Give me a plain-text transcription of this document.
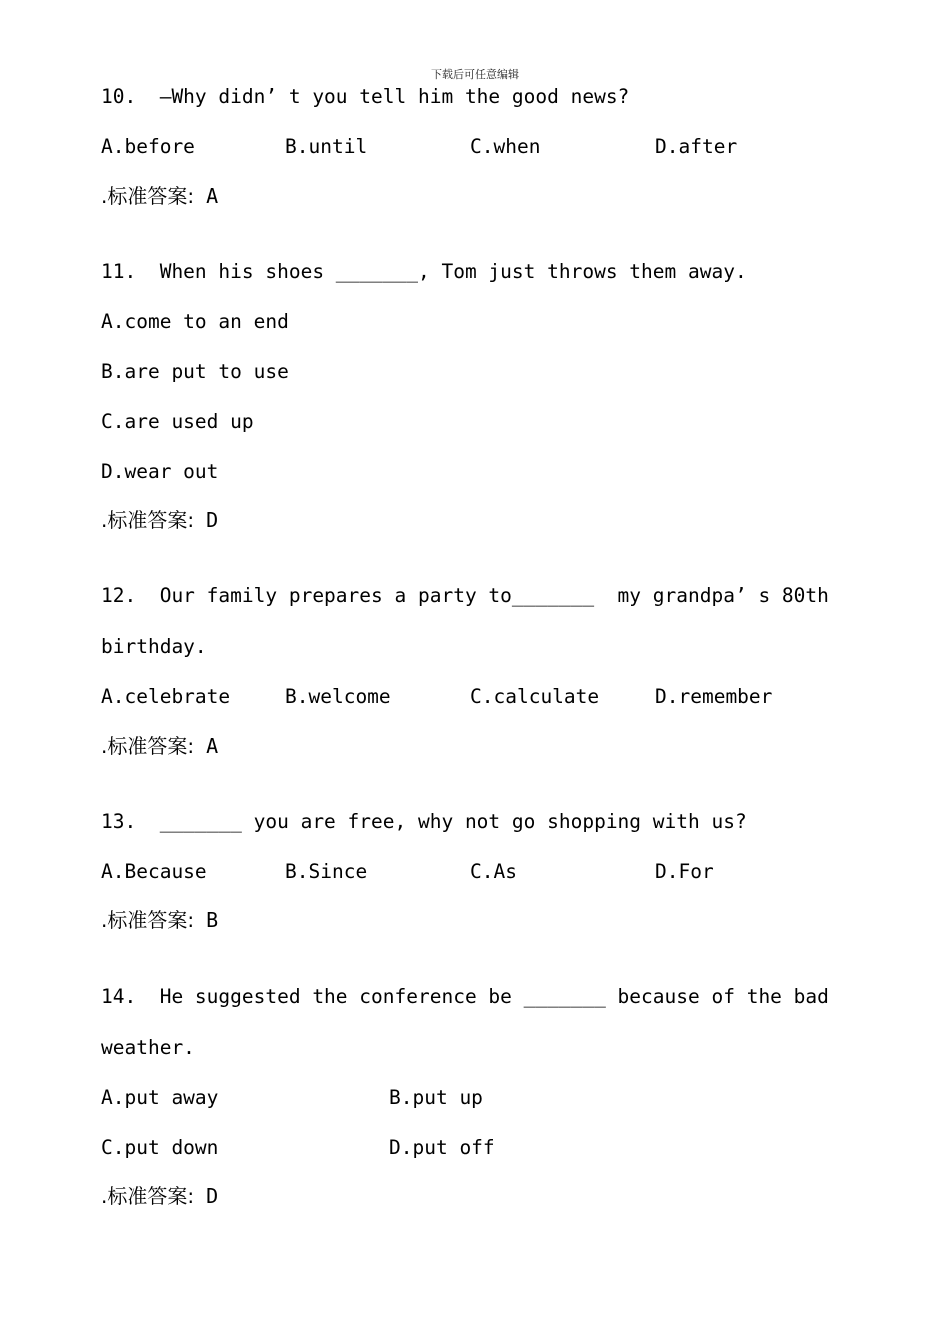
下载后可任意编辑
10.  —Why didn’ t you tell him the good news?
A.before	B.until	C.when	D.after
.标准答案: A
11.  When his shoes _______, Tom just throws them away.
A.come to an end
B.are put to use
C.are used up
D.wear out
.标准答案: D
12.  Our family prepares a party to_______  my grandpa’ s 80th
birthday.
A.celebrate	B.welcome	C.calculate	D.remember
.标准答案: A
13.  _______ you are free, why not go shopping with us?
A.Because	B.Since	C.As	D.For
.标准答案: B
14.  He suggested the conference be _______ because of the bad
weather.
A.put away	B.put up
C.put down	D.put off
.标准答案: D
